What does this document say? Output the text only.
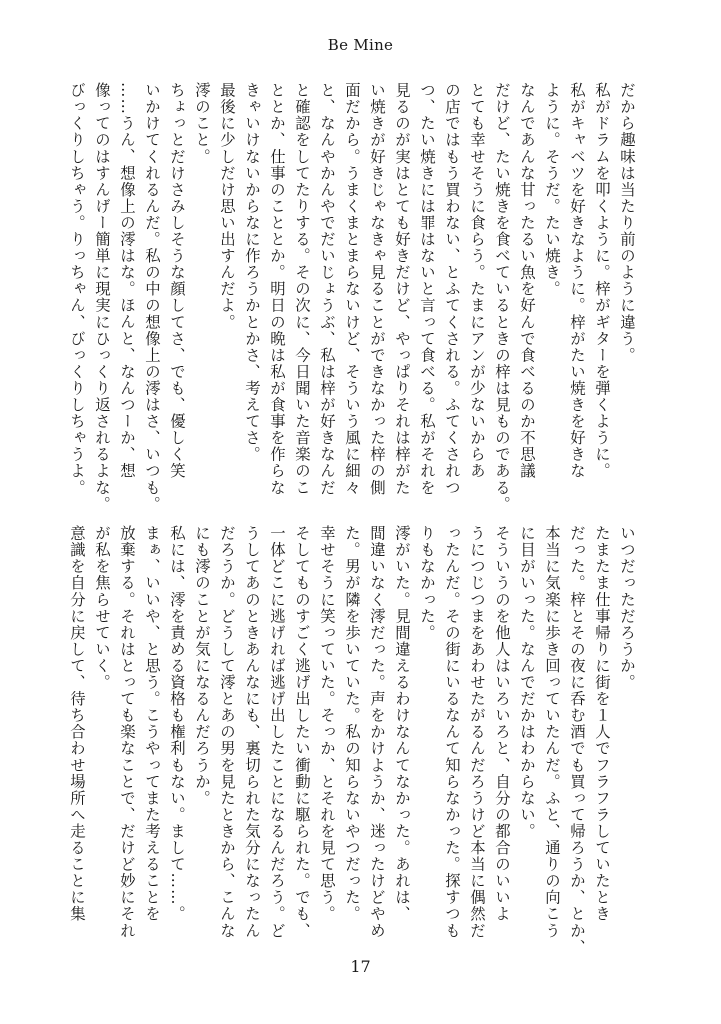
Be Mine

だから趣味は当たり前のように違う。

私がドラムを叩くように。梓がギターを弾くように。

私がキャベツを好きなように。梓がたい焼きを好きな

ように。そうだ。たい焼き。

なんであんな甘ったるい魚を好んで食べるのか不思議

だけど、たい焼きを食べているときの梓は見ものである。

とても幸せそうに食らう。たまにアンが少ないからあ

の店ではもう買わない、とふてくされる。ふてくされつ

つ、たい焼きには罪はないと言って食べる。私がそれを

見るのが実はとても好きだけど、やっぱりそれは梓がた

い焼きが好きじゃなきゃ見ることができなかった梓の側

面だから。うまくまとまらないけど、そういう風に細々

と、なんやかんやでだいじょうぶ、私は梓が好きなんだ

と確認をしてたりする。その次に、今日聞いた音楽のこ

ととか、仕事のこととか。明日の晩は私が食事を作らな

きゃいけないからなに作ろうかとかさ、考えてさ。

最後に少しだけ思い出すんだよ。

澪のこと。

ちょっとだけさみしそうな顔してさ、でも、優しく笑

いかけてくれるんだ。私の中の想像上の澪はさ、いつも。

……うん、想像上の澪はな。ほんと、なんつーか、想

像ってのはすんげー簡単に現実にひっくり返されるよな。

びっくりしちゃう。りっちゃん、びっくりしちゃうよ。

いつだっただろうか。

たまたま仕事帰りに街を１人でフラフラしていたとき

だった。梓とその夜に呑む酒でも買って帰ろうか、とか、

本当に気楽に歩き回っていたんだ。ふと、通りの向こう

に目がいった。なんでだかはわからない。

そういうのを他人はいろいろと、自分の都合のいいよ

うにつじつまをあわせたがるんだろうけど本当に偶然だ

ったんだ。その街にいるなんて知らなかった。探すつも

りもなかった。

澪がいた。見間違えるわけなんてなかった。あれは、

間違いなく澪だった。声をかけようか、迷ったけどやめ

た。男が隣を歩いていた。私の知らないやつだった。

幸せそうに笑っていた。そっか、とそれを見て思う。

そしてものすごく逃げ出したい衝動に駆られた。でも、

一体どこに逃げれば逃げ出したことになるんだろう。ど

うしてあのときあんなにも、裏切られた気分になったん

だろうか。どうして澪とあの男を見たときから、こんな

にも澪のことが気になるんだろうか。

私には、澪を責める資格も権利もない。まして……。

まぁ、いいや、と思う。こうやってまた考えることを

放棄する。それはとっても楽なことで、だけど妙にそれ

が私を焦らせていく。

意識を自分に戻して、待ち合わせ場所へ走ることに集

17
